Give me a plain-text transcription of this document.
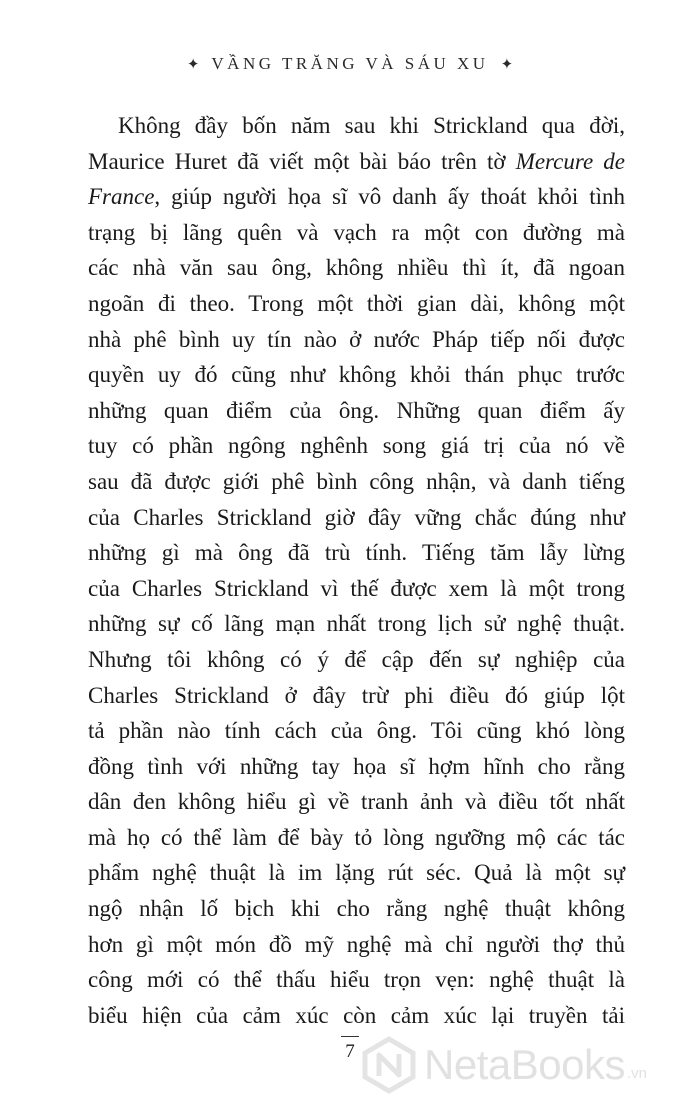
✦ VẦNG TRĂNG VÀ SÁU XU ✦
Không đầy bốn năm sau khi Strickland qua đời,
Maurice Huret đã viết một bài báo trên tờ Mercure de
France, giúp người họa sĩ vô danh ấy thoát khỏi tình
trạng bị lãng quên và vạch ra một con đường mà
các nhà văn sau ông, không nhiều thì ít, đã ngoan
ngoãn đi theo. Trong một thời gian dài, không một
nhà phê bình uy tín nào ở nước Pháp tiếp nối được
quyền uy đó cũng như không khỏi thán phục trước
những quan điểm của ông. Những quan điểm ấy
tuy có phần ngông nghênh song giá trị của nó về
sau đã được giới phê bình công nhận, và danh tiếng
của Charles Strickland giờ đây vững chắc đúng như
những gì mà ông đã trù tính. Tiếng tăm lẫy lừng
của Charles Strickland vì thế được xem là một trong
những sự cố lãng mạn nhất trong lịch sử nghệ thuật.
Nhưng tôi không có ý để cập đến sự nghiệp của
Charles Strickland ở đây trừ phi điều đó giúp lột
tả phần nào tính cách của ông. Tôi cũng khó lòng
đồng tình với những tay họa sĩ hợm hĩnh cho rằng
dân đen không hiểu gì về tranh ảnh và điều tốt nhất
mà họ có thể làm để bày tỏ lòng ngưỡng mộ các tác
phẩm nghệ thuật là im lặng rút séc. Quả là một sự
ngộ nhận lố bịch khi cho rằng nghệ thuật không
hơn gì một món đồ mỹ nghệ mà chỉ người thợ thủ
công mới có thể thấu hiểu trọn vẹn: nghệ thuật là
biểu hiện của cảm xúc còn cảm xúc lại truyền tải
7	NetaBooks .vn
